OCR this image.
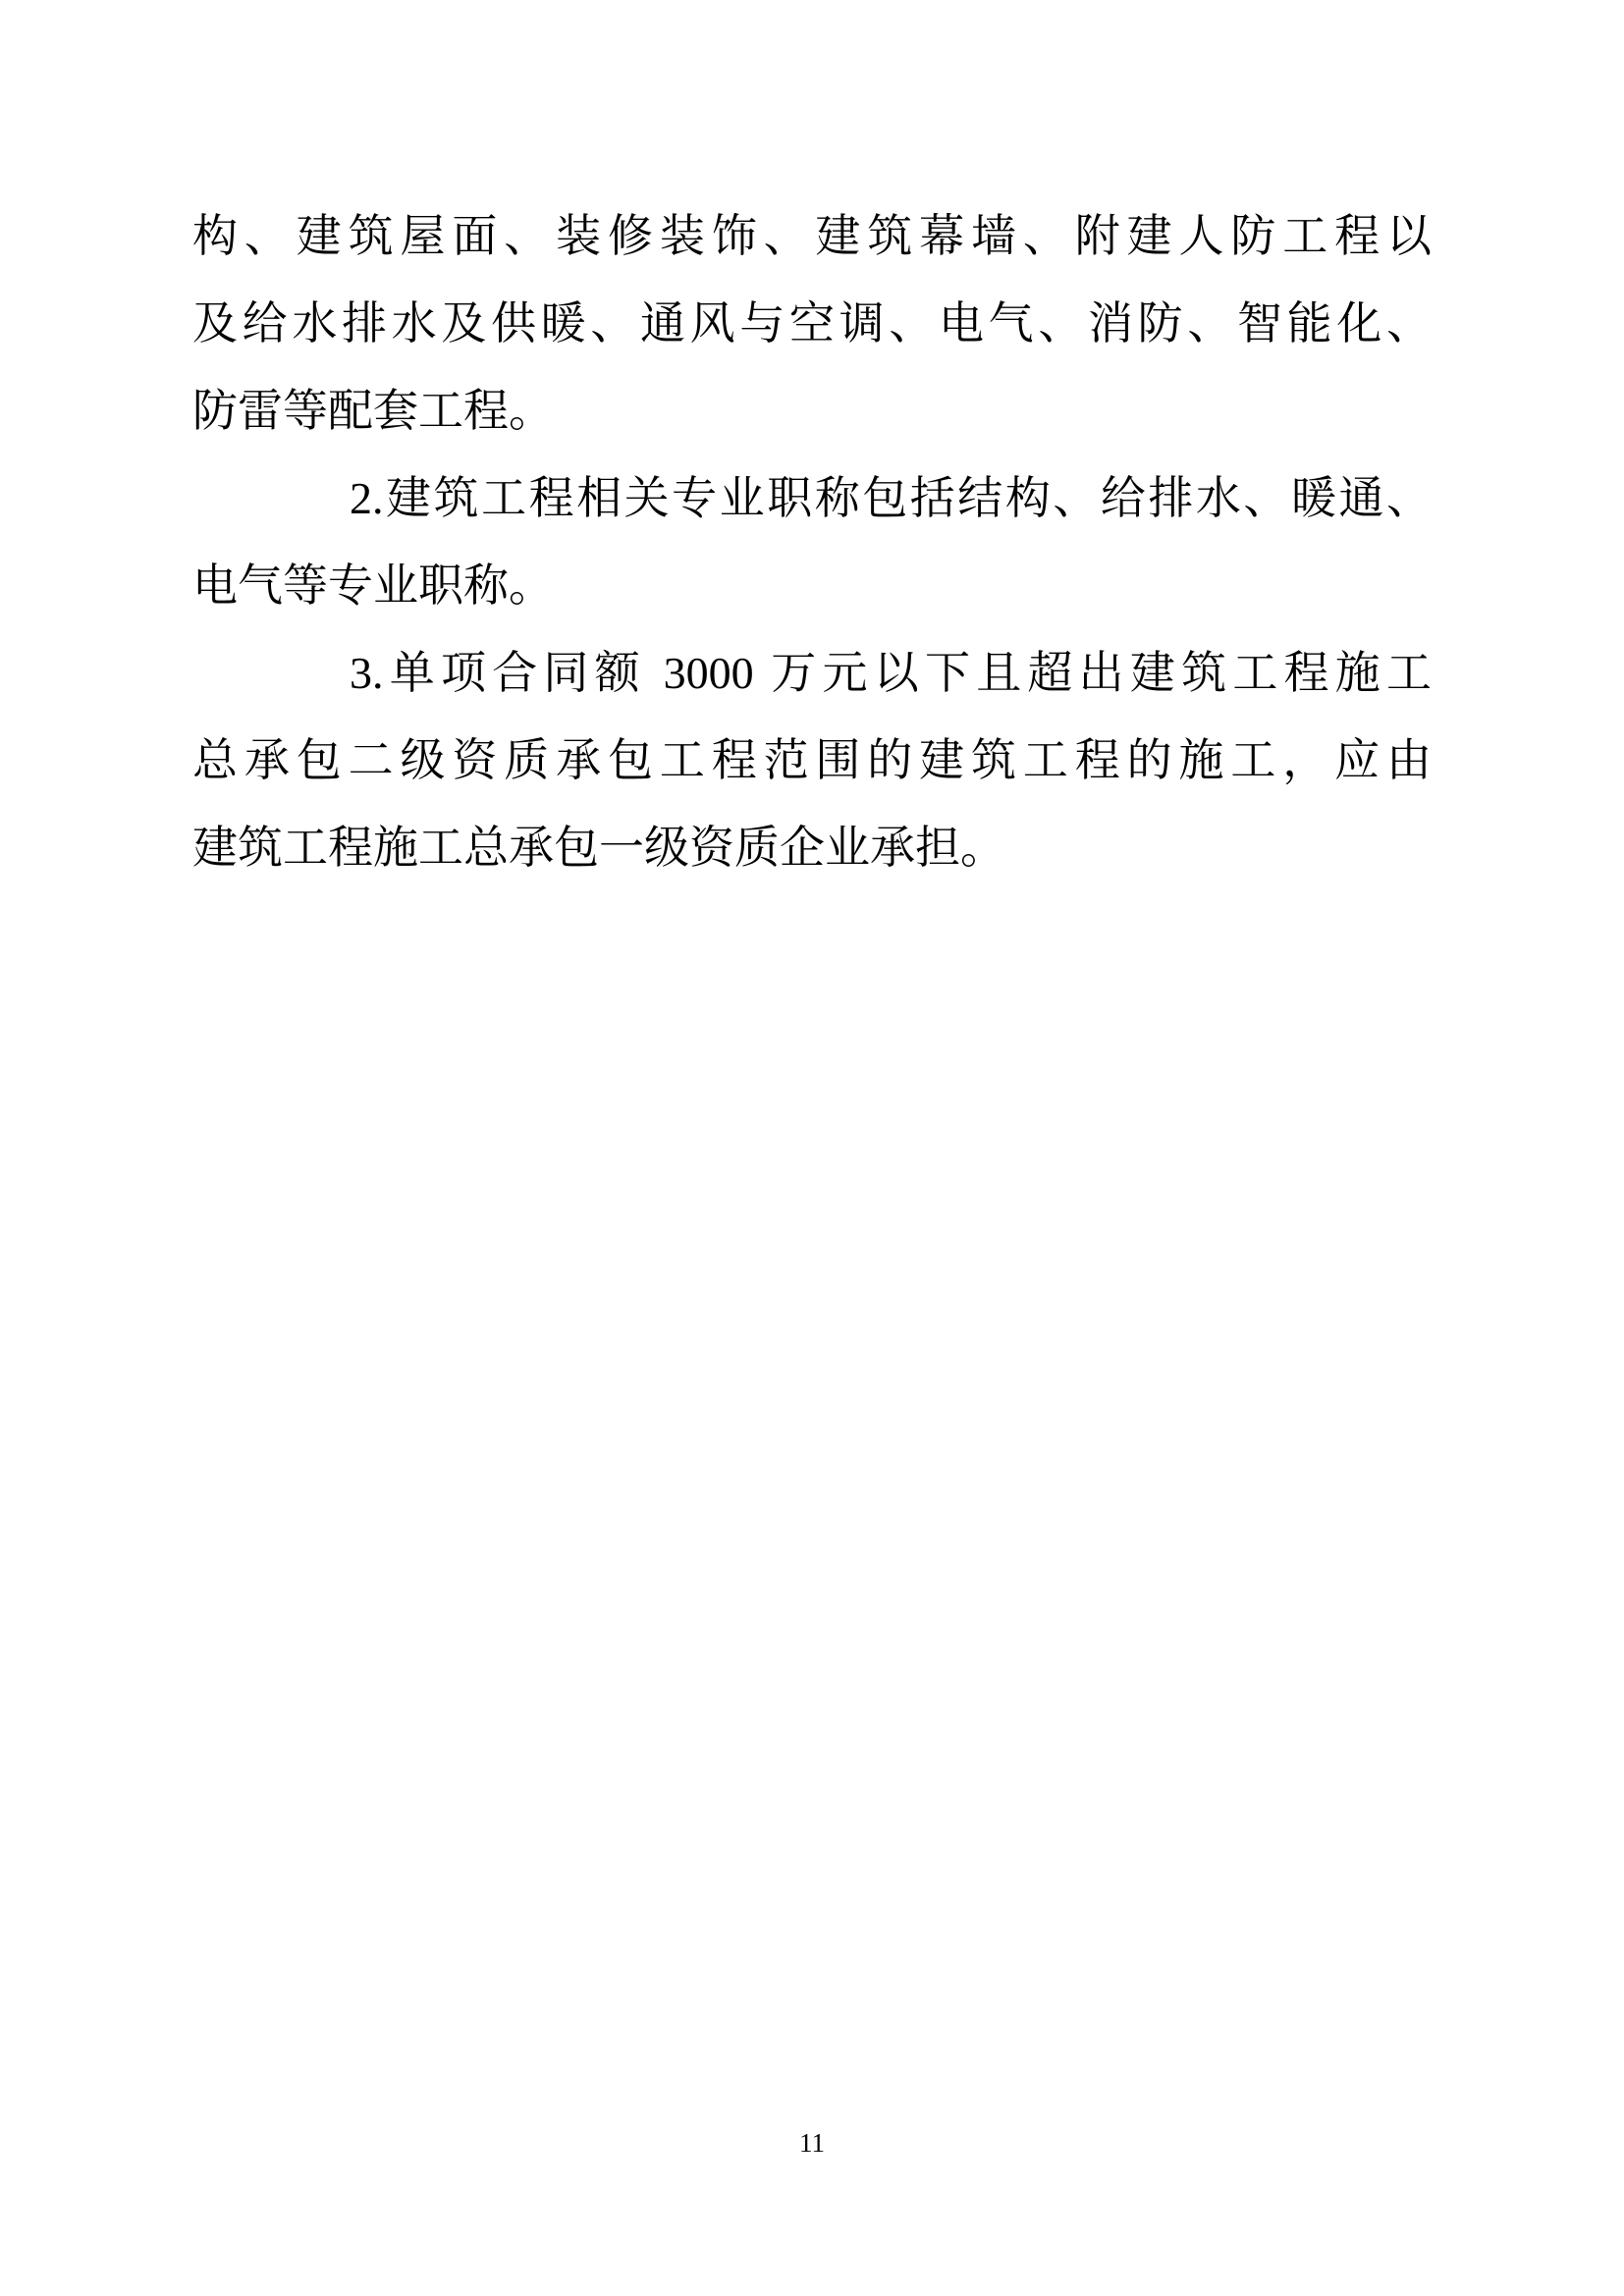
构、建筑屋面、装修装饰、建筑幕墙、附建人防工程以
及给水排水及供暖、通风与空调、电气、消防、智能化、
防雷等配套工程。
2.建筑工程相关专业职称包括结构、给排水、暖通、
电气等专业职称。
3.单项合同额 3000 万元以下且超出建筑工程施工
总承包二级资质承包工程范围的建筑工程的施工，应由
建筑工程施工总承包一级资质企业承担。
11
